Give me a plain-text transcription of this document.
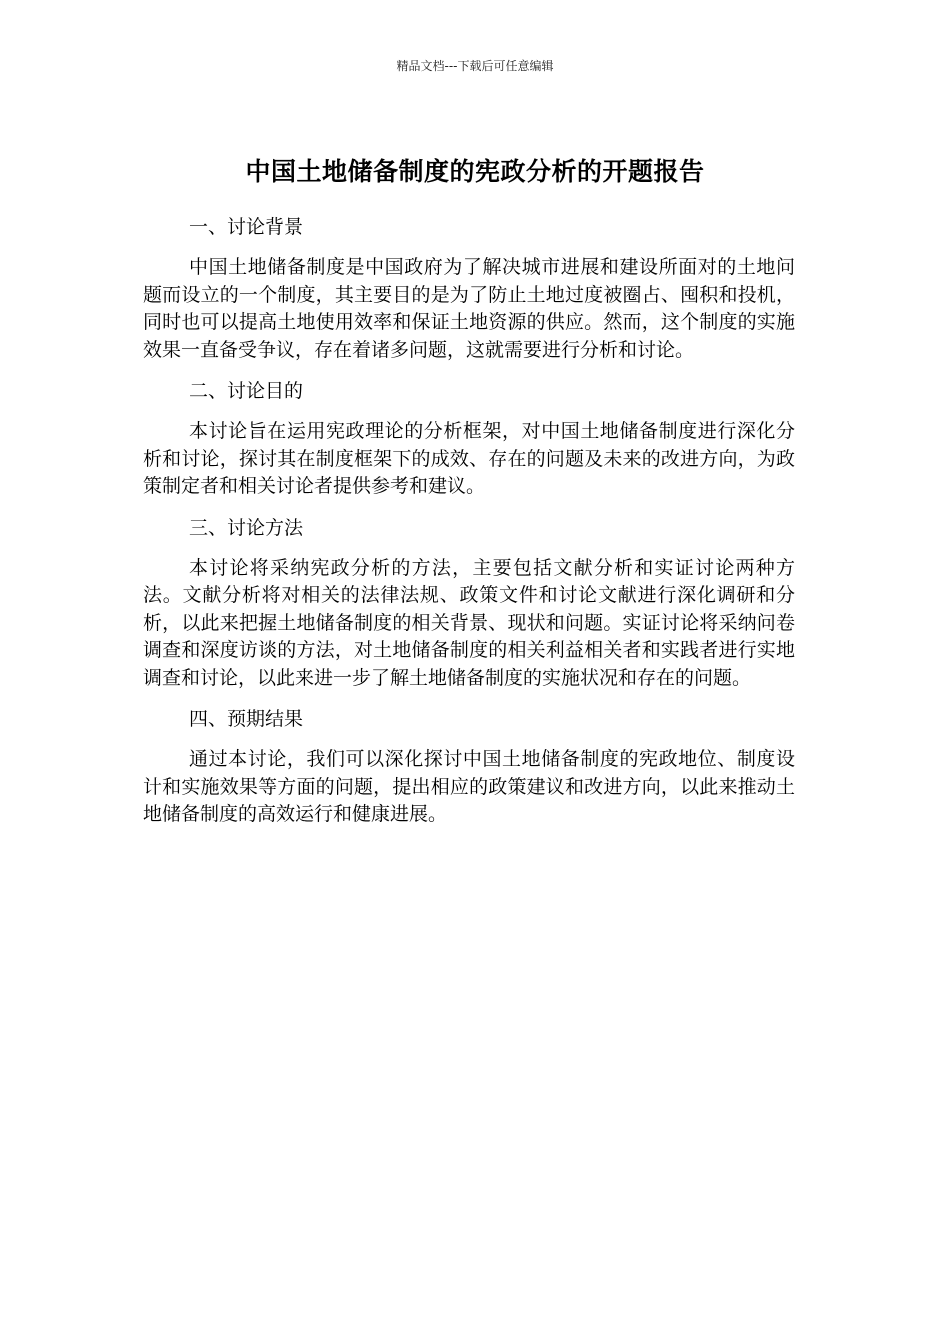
精品文档---下载后可任意编辑
中国土地储备制度的宪政分析的开题报告
一、讨论背景

中国土地储备制度是中国政府为了解决城市进展和建设所面对的土地问题而设立的一个制度，其主要目的是为了防止土地过度被圈占、囤积和投机，同时也可以提高土地使用效率和保证土地资源的供应。然而，这个制度的实施效果一直备受争议，存在着诸多问题，这就需要进行分析和讨论。

二、讨论目的

本讨论旨在运用宪政理论的分析框架，对中国土地储备制度进行深化分析和讨论，探讨其在制度框架下的成效、存在的问题及未来的改进方向，为政策制定者和相关讨论者提供参考和建议。

三、讨论方法

本讨论将采纳宪政分析的方法，主要包括文献分析和实证讨论两种方法。文献分析将对相关的法律法规、政策文件和讨论文献进行深化调研和分析，以此来把握土地储备制度的相关背景、现状和问题。实证讨论将采纳问卷调查和深度访谈的方法，对土地储备制度的相关利益相关者和实践者进行实地调查和讨论，以此来进一步了解土地储备制度的实施状况和存在的问题。

四、预期结果

通过本讨论，我们可以深化探讨中国土地储备制度的宪政地位、制度设计和实施效果等方面的问题，提出相应的政策建议和改进方向，以此来推动土地储备制度的高效运行和健康进展。
